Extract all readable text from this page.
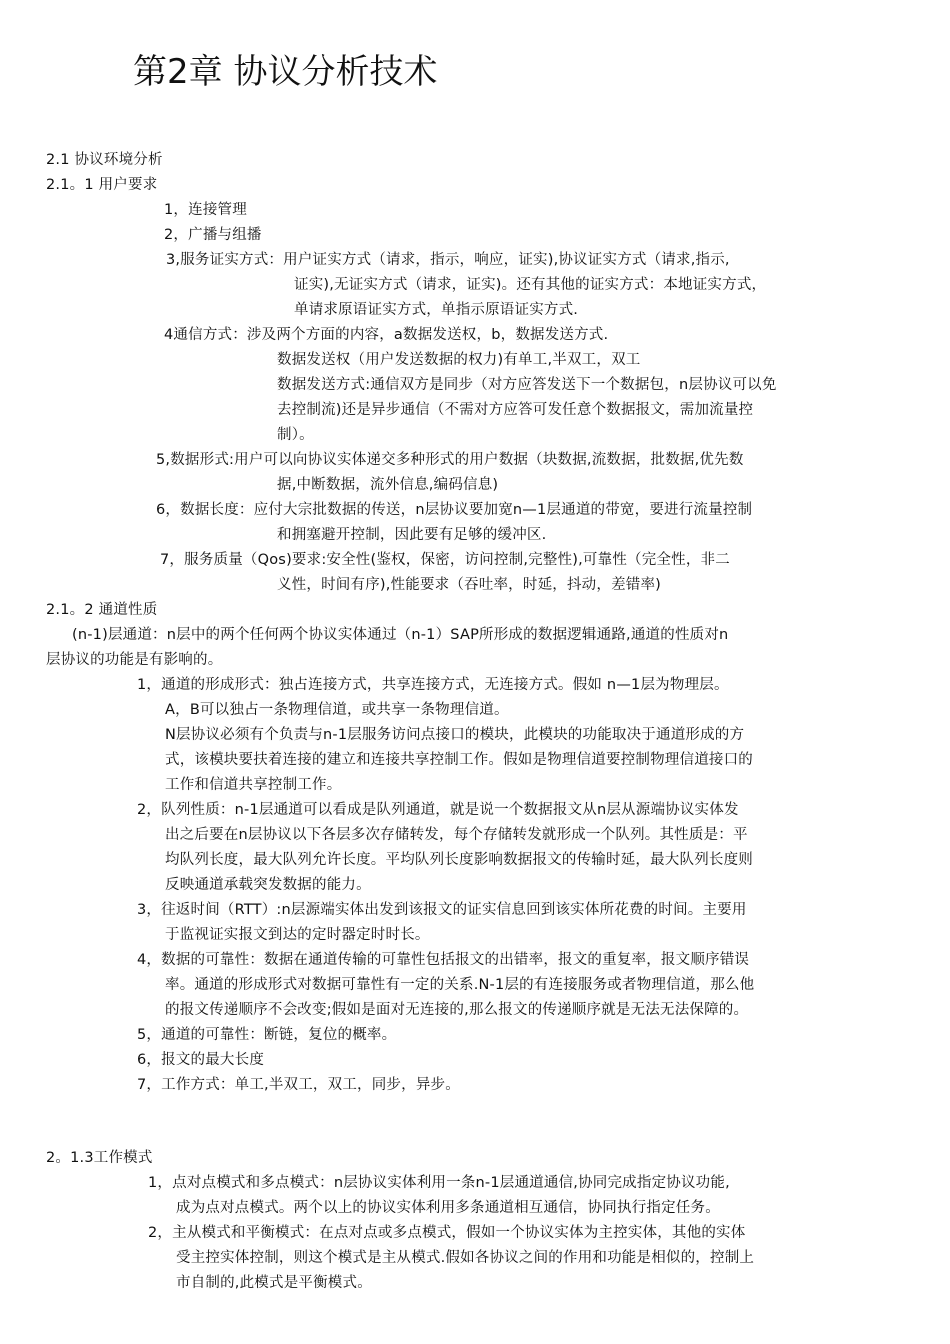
第2章 协议分析技术
2.1 协议环境分析
2.1。1 用户要求
1，连接管理
2，广播与组播
3,服务证实方式：用户证实方式（请求，指示，响应，证实),协议证实方式（请求,指示,
证实),无证实方式（请求，证实)。还有其他的证实方式：本地证实方式，
单请求原语证实方式，单指示原语证实方式.
4通信方式：涉及两个方面的内容，a数据发送权，b，数据发送方式.
数据发送权（用户发送数据的权力)有单工,半双工，双工
数据发送方式:通信双方是同步（对方应答发送下一个数据包，n层协议可以免
去控制流)还是异步通信（不需对方应答可发任意个数据报文，需加流量控
制）。
5,数据形式:用户可以向协议实体递交多种形式的用户数据（块数据,流数据，批数据,优先数
据,中断数据，流外信息,编码信息)
6，数据长度：应付大宗批数据的传送，n层协议要加宽n—1层通道的带宽，要进行流量控制
和拥塞避开控制，因此要有足够的缓冲区.
7，服务质量（Qos)要求:安全性(鉴权，保密，访问控制,完整性),可靠性（完全性，非二
义性，时间有序),性能要求（吞吐率，时延，抖动，差错率)
2.1。2 通道性质
(n-1)层通道：n层中的两个任何两个协议实体通过（n-1）SAP所形成的数据逻辑通路,通道的性质对n
层协议的功能是有影响的。
1，通道的形成形式：独占连接方式，共享连接方式，无连接方式。假如 n—1层为物理层。
A，B可以独占一条物理信道，或共享一条物理信道。
N层协议必须有个负责与n-1层服务访问点接口的模块，此模块的功能取决于通道形成的方
式，该模块要扶着连接的建立和连接共享控制工作。假如是物理信道要控制物理信道接口的
工作和信道共享控制工作。
2，队列性质：n-1层通道可以看成是队列通道，就是说一个数据报文从n层从源端协议实体发
出之后要在n层协议以下各层多次存储转发，每个存储转发就形成一个队列。其性质是：平
均队列长度，最大队列允许长度。平均队列长度影响数据报文的传输时延，最大队列长度则
反映通道承载突发数据的能力。
3，往返时间（RTT）:n层源端实体出发到该报文的证实信息回到该实体所花费的时间。主要用
于监视证实报文到达的定时器定时时长。
4，数据的可靠性：数据在通道传输的可靠性包括报文的出错率，报文的重复率，报文顺序错误
率。通道的形成形式对数据可靠性有一定的关系.N-1层的有连接服务或者物理信道，那么他
的报文传递顺序不会改变;假如是面对无连接的,那么报文的传递顺序就是无法无法保障的。
5，通道的可靠性：断链，复位的概率。
6，报文的最大长度
7，工作方式：单工,半双工，双工，同步，异步。
2。1.3工作模式
1，点对点模式和多点模式：n层协议实体利用一条n-1层通道通信,协同完成指定协议功能,
成为点对点模式。两个以上的协议实体利用多条通道相互通信，协同执行指定任务。
2，主从模式和平衡模式：在点对点或多点模式，假如一个协议实体为主控实体，其他的实体
受主控实体控制，则这个模式是主从模式.假如各协议之间的作用和功能是相似的，控制上
市自制的,此模式是平衡模式。
